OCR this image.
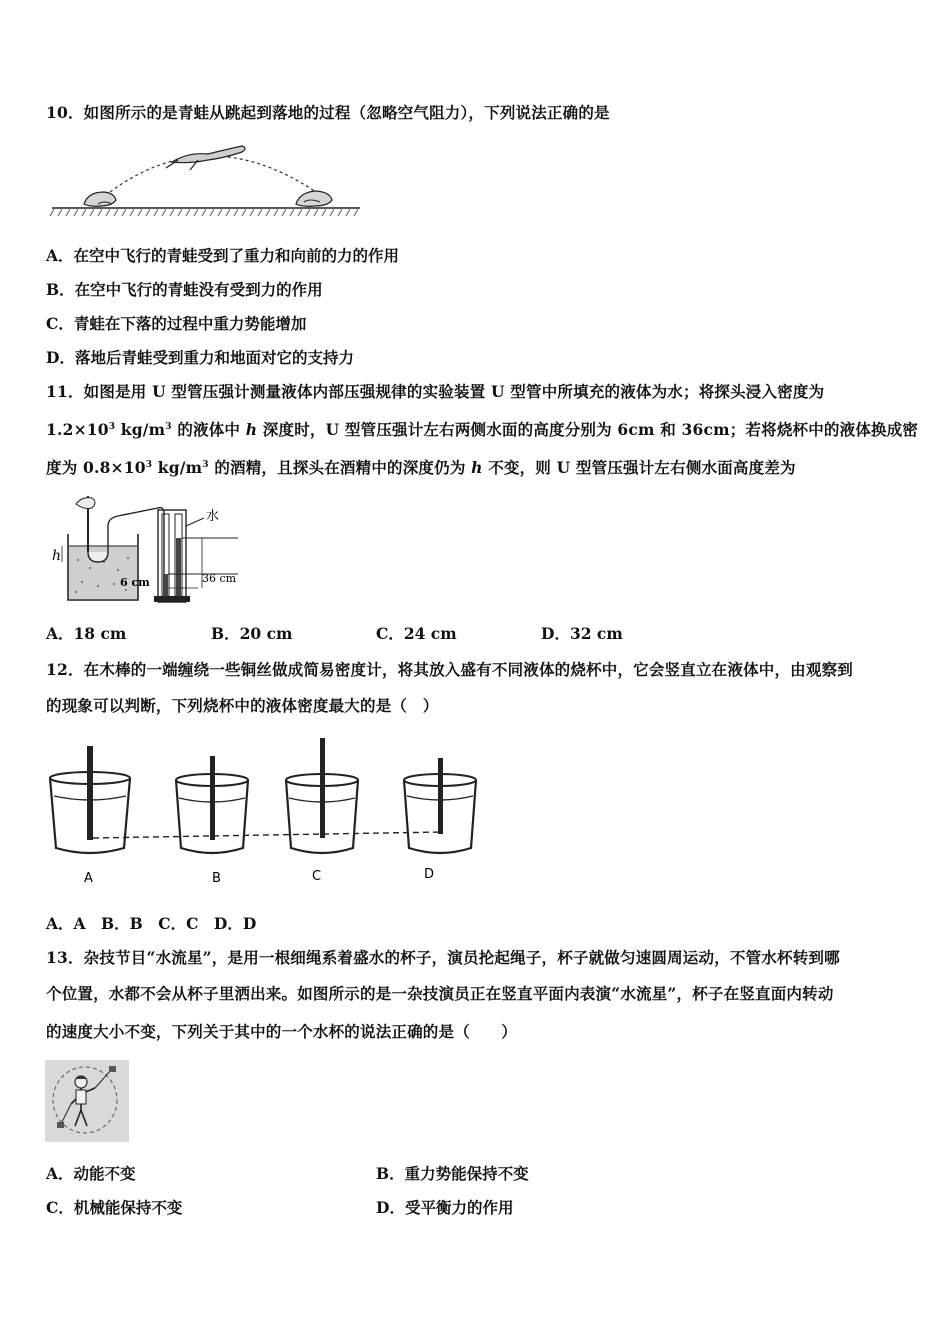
10．如图所示的是青蛙从跳起到落地的过程（忽略空气阻力），下列说法正确的是
A．在空中飞行的青蛙受到了重力和向前的力的作用
B．在空中飞行的青蛙没有受到力的作用
C．青蛙在下落的过程中重力势能增加
D．落地后青蛙受到重力和地面对它的支持力
11．如图是用 U 型管压强计测量液体内部压强规律的实验装置 U 型管中所填充的液体为水；将探头浸入密度为
$1.2\times 10^3$ $kg/m^3$ 的液体中 h 深度时，U 型管压强计左右两侧水面的高度分别为 6cm 和 36cm；若将烧杯中的液体换成密
度为 $0.8\times 10^3$ $kg/m^3$ 的酒精，且探头在酒精中的深度仍为 h 不变，则 U 型管压强计左右侧水面高度差为
水
h
6 cm	36 cm
A．18 cm	B．20 cm	C．24 cm	D．32 cm
12．在木棒的一端缠绕一些铜丝做成简易密度计，将其放入盛有不同液体的烧杯中，它会竖直立在液体中，由观察到
的现象可以判断，下列烧杯中的液体密度最大的是（　）
A	B	C	D
A．A　B．B　C．C　D．D
13．杂技节目“水流星”，是用一根细绳系着盛水的杯子，演员抡起绳子，杯子就做匀速圆周运动，不管水杯转到哪
个位置，水都不会从杯子里洒出来。如图所示的是一杂技演员正在竖直平面内表演“水流星”，杯子在竖直面内转动
的速度大小不变，下列关于其中的一个水杯的说法正确的是（　　）
A．动能不变	B．重力势能保持不变
C．机械能保持不变	D．受平衡力的作用
